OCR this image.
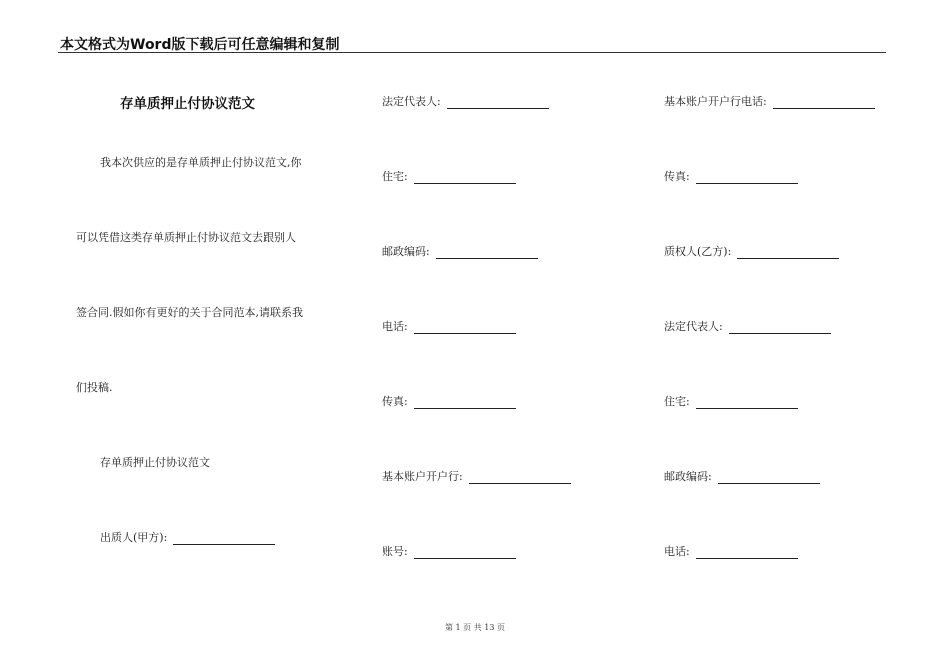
本文格式为Word版下载后可任意编辑和复制
存单质押止付协议范文
我本次供应的是存单质押止付协议范文,你
可以凭借这类存单质押止付协议范文去跟别人
签合同.假如你有更好的关于合同范本,请联系我
们投稿.
存单质押止付协议范文
出质人(甲方):
法定代表人:
住宅:
邮政编码:
电话:
传真:
基本账户开户行:
账号:
基本账户开户行电话:
传真:
质权人(乙方):
法定代表人:
住宅:
邮政编码:
电话:
第 1 页 共 13 页
